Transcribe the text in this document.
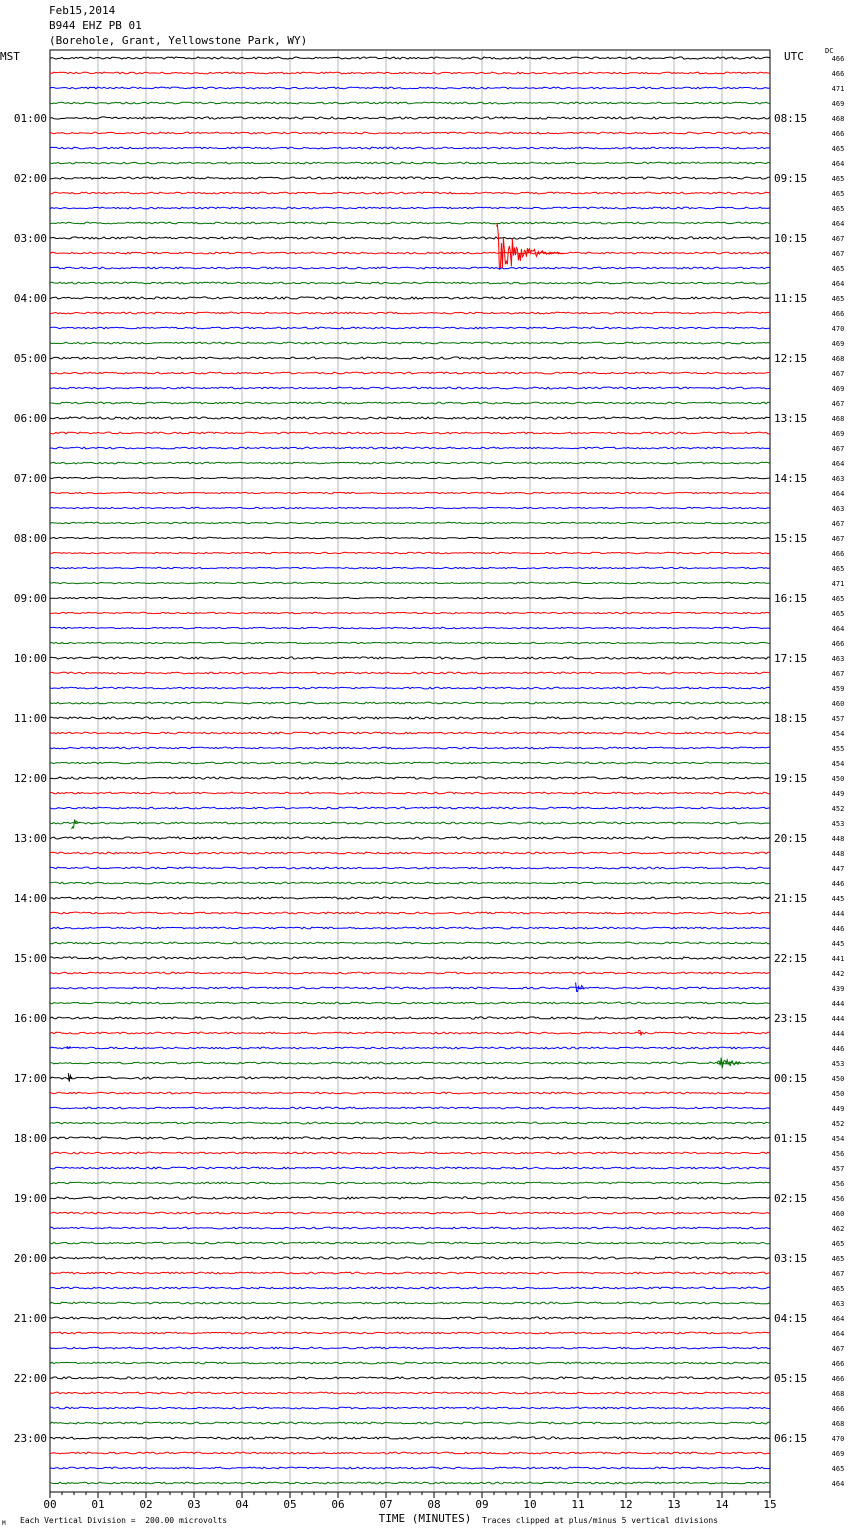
Feb15,2014
B944 EHZ PB 01
(Borehole, Grant, Yellowstone Park, WY)
MST	UTC	DC
00	01	02	03	04	05	06	07	08	09	10	11	12	13	14	15
466
466
471
469
468
466
465
464
465
465
465
464
467
467
465
464
465
466
470
469
468
467
469
467
468
469
467
464
463
464
463
467
467
466
465
471
465
465
464
466
463
467
459
460
457
454
455
454
450
449
452
453
448
448
447
446
445
444
446
445
441
442
439
444
444
444
446
453
450
450
449
452
454
456
457
456
456
460
462
465
465
467
465
463
464
464
467
466
466
468
466
468
470
469
465
464
01:00
02:00
03:00
04:00
05:00
06:00
07:00
08:00
09:00
10:00
11:00
12:00
13:00
14:00
15:00
16:00
17:00
18:00
19:00
20:00
21:00
22:00
23:00
08:15
09:15
10:15
11:15
12:15
13:15
14:15
15:15
16:15
17:15
18:15
19:15
20:15
21:15
22:15
23:15
00:15
01:15
02:15
03:15
04:15
05:15
06:15
TIME (MINUTES)
Each Vertical Division =  200.00 microvolts	Traces clipped at plus/minus 5 vertical divisions
M
